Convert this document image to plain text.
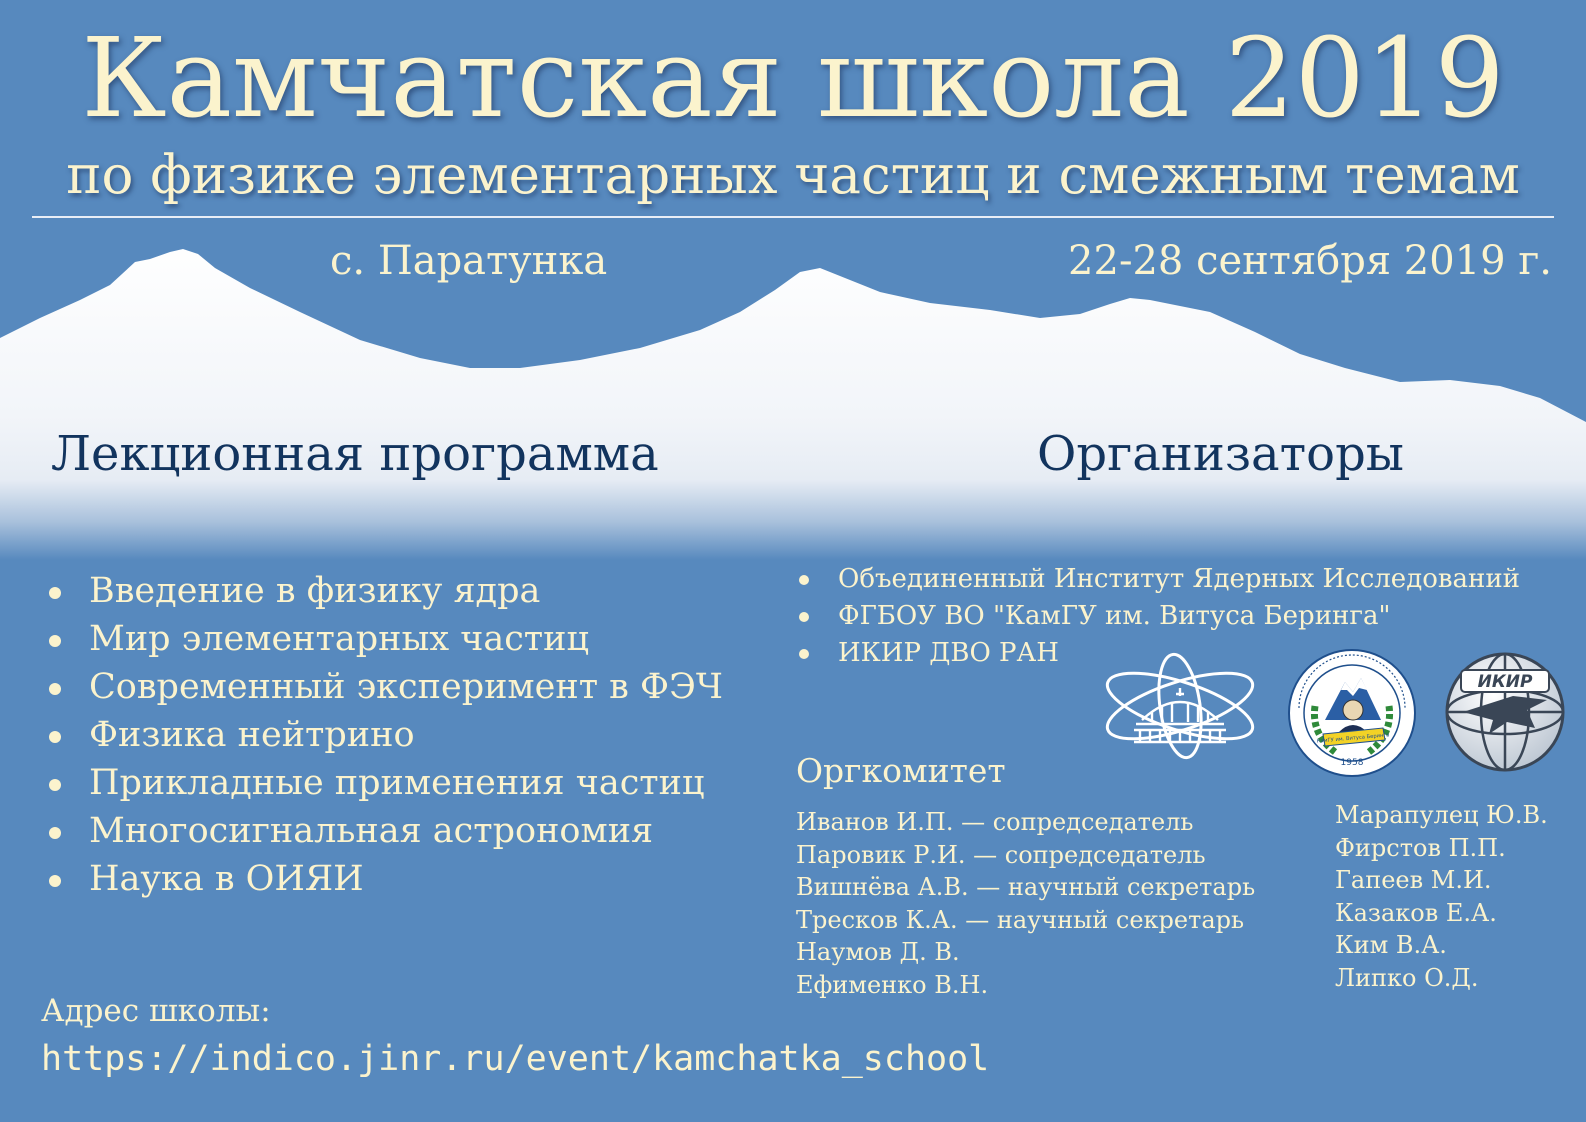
Камчатская школа 2019
по физике элементарных частиц и смежным темам
с. Паратунка	22-28 сентября 2019 г.
Лекционная программа	Организаторы
Введение в физику ядра
Мир элементарных частиц
Современный эксперимент в ФЭЧ
Физика нейтрино
Прикладные применения частиц
Многосигнальная астрономия
Наука в ОИЯИ
Объединенный Институт Ядерных Исследований
ФГБОУ ВО "КамГУ им. Витуса Беринга"
ИКИР ДВО РАН
КамГУ им. Витуса Беринга
1958
ИКИР
Оргкомитет
Иванов И.П. — сопредседатель
Паровик Р.И. — сопредседатель
Вишнёва А.В. — научный секретарь
Тресков К.А. — научный секретарь
Наумов Д. В.
Ефименко В.Н.
Марапулец Ю.В.
Фирстов П.П.
Гапеев М.И.
Казаков Е.А.
Ким В.А.
Липко О.Д.
Адрес школы:
https://indico.jinr.ru/event/kamchatka_school
